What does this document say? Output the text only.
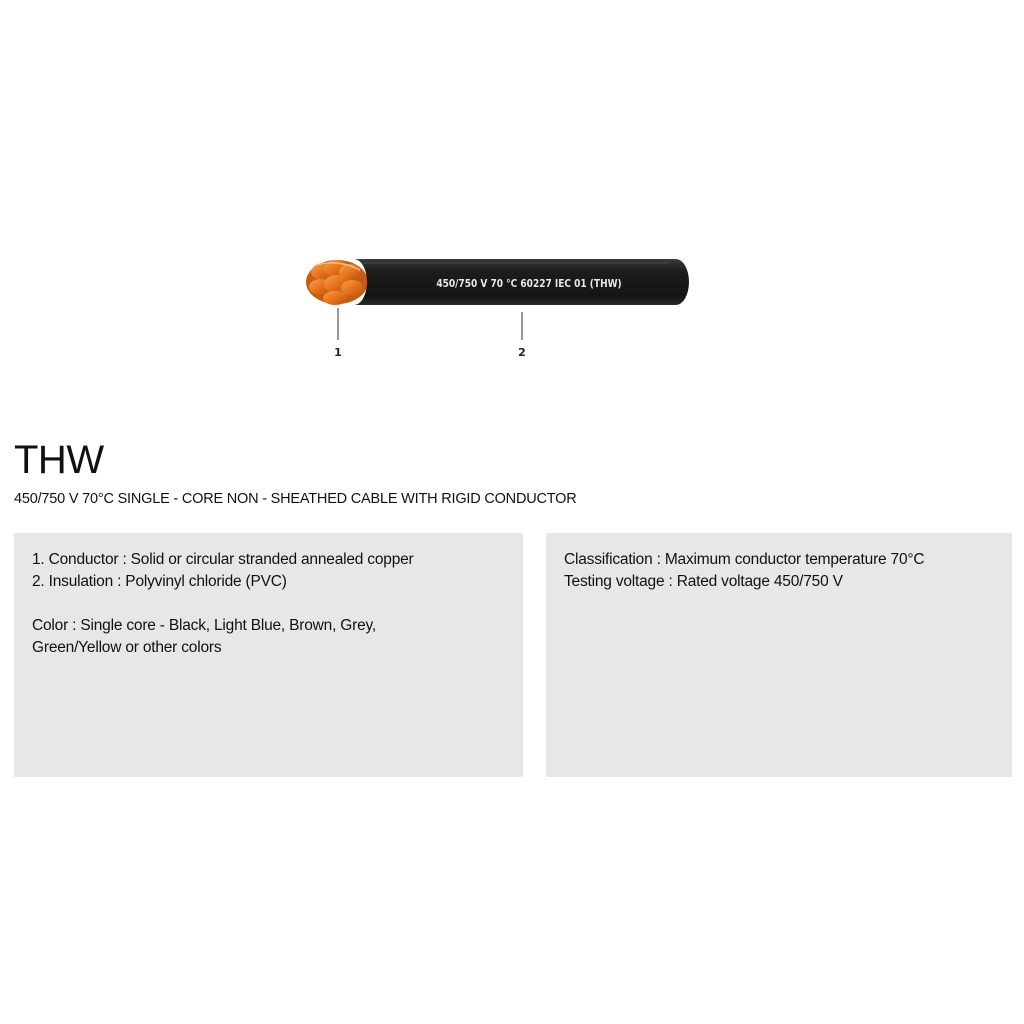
450/750 V 70 °C 60227 IEC 01 (THW)
1	2
THW
450/750 V 70°C SINGLE - CORE NON - SHEATHED CABLE WITH RIGID CONDUCTOR
1. Conductor : Solid or circular stranded annealed copper
2. Insulation : Polyvinyl chloride (PVC)
Color : Single core - Black, Light Blue, Brown, Grey,
Green/Yellow or other colors
Classification : Maximum conductor temperature 70°C
Testing voltage : Rated voltage 450/750 V
